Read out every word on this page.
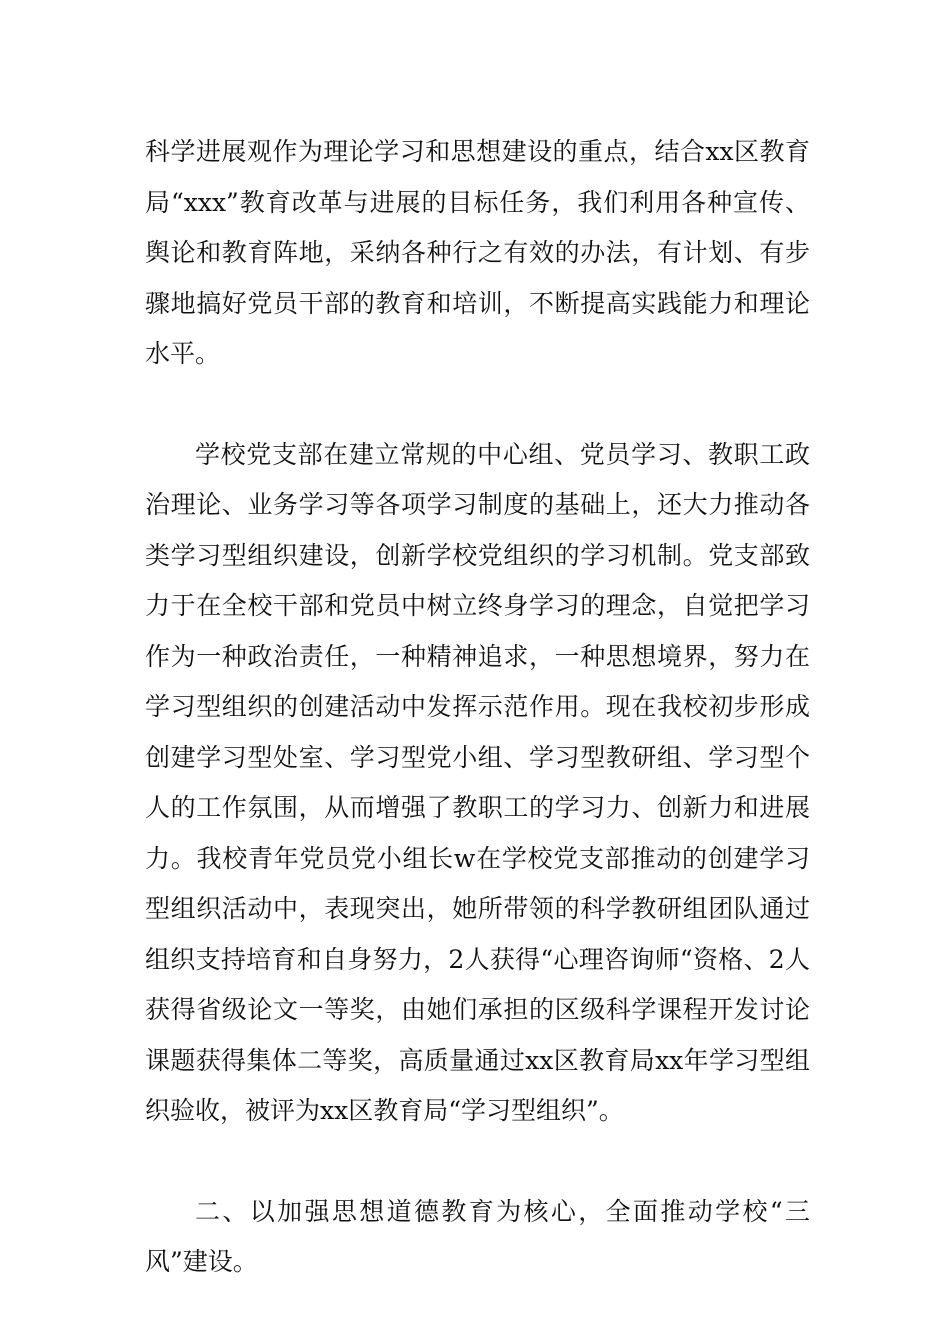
科学进展观作为理论学习和思想建设的重点，结合xx区教育局“xxx”教育改革与进展的目标任务，我们利用各种宣传、舆论和教育阵地，采纳各种行之有效的办法，有计划、有步骤地搞好党员干部的教育和培训，不断提高实践能力和理论水平。

学校党支部在建立常规的中心组、党员学习、教职工政治理论、业务学习等各项学习制度的基础上，还大力推动各类学习型组织建设，创新学校党组织的学习机制。党支部致力于在全校干部和党员中树立终身学习的理念，自觉把学习作为一种政治责任，一种精神追求，一种思想境界，努力在学习型组织的创建活动中发挥示范作用。现在我校初步形成创建学习型处室、学习型党小组、学习型教研组、学习型个人的工作氛围，从而增强了教职工的学习力、创新力和进展力。我校青年党员党小组长w在学校党支部推动的创建学习型组织活动中，表现突出，她所带领的科学教研组团队通过组织支持培育和自身努力，2人获得“心理咨询师“资格、2人获得省级论文一等奖，由她们承担的区级科学课程开发讨论课题获得集体二等奖，高质量通过xx区教育局xx年学习型组织验收，被评为xx区教育局“学习型组织”。

二、以加强思想道德教育为核心，全面推动学校“三风”建设。
